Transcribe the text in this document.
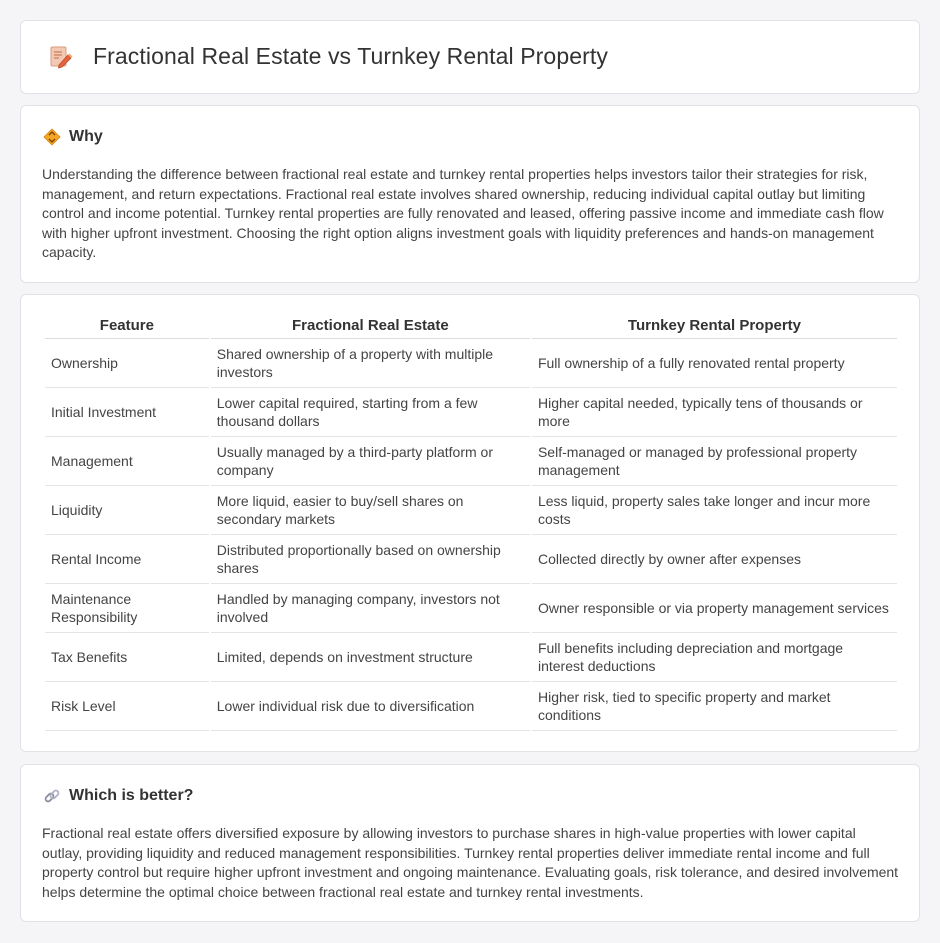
Fractional Real Estate vs Turnkey Rental Property
Why

Understanding the difference between fractional real estate and turnkey rental properties helps investors tailor their strategies for risk, management, and return expectations. Fractional real estate involves shared ownership, reducing individual capital outlay but limiting control and income potential. Turnkey rental properties are fully renovated and leased, offering passive income and immediate cash flow with higher upfront investment. Choosing the right option aligns investment goals with liquidity preferences and hands-on management capacity.

Feature	Fractional Real Estate	Turnkey Rental Property
Ownership	Shared ownership of a property with multiple investors	Full ownership of a fully renovated rental property
Initial Investment	Lower capital required, starting from a few thousand dollars	Higher capital needed, typically tens of thousands or more
Management	Usually managed by a third-party platform or company	Self-managed or managed by professional property management
Liquidity	More liquid, easier to buy/sell shares on secondary markets	Less liquid, property sales take longer and incur more costs
Rental Income	Distributed proportionally based on ownership shares	Collected directly by owner after expenses
Maintenance Responsibility	Handled by managing company, investors not involved	Owner responsible or via property management services
Tax Benefits	Limited, depends on investment structure	Full benefits including depreciation and mortgage interest deductions
Risk Level	Lower individual risk due to diversification	Higher risk, tied to specific property and market conditions
Which is better?

Fractional real estate offers diversified exposure by allowing investors to purchase shares in high-value properties with lower capital outlay, providing liquidity and reduced management responsibilities. Turnkey rental properties deliver immediate rental income and full property control but require higher upfront investment and ongoing maintenance. Evaluating goals, risk tolerance, and desired involvement helps determine the optimal choice between fractional real estate and turnkey rental investments.
